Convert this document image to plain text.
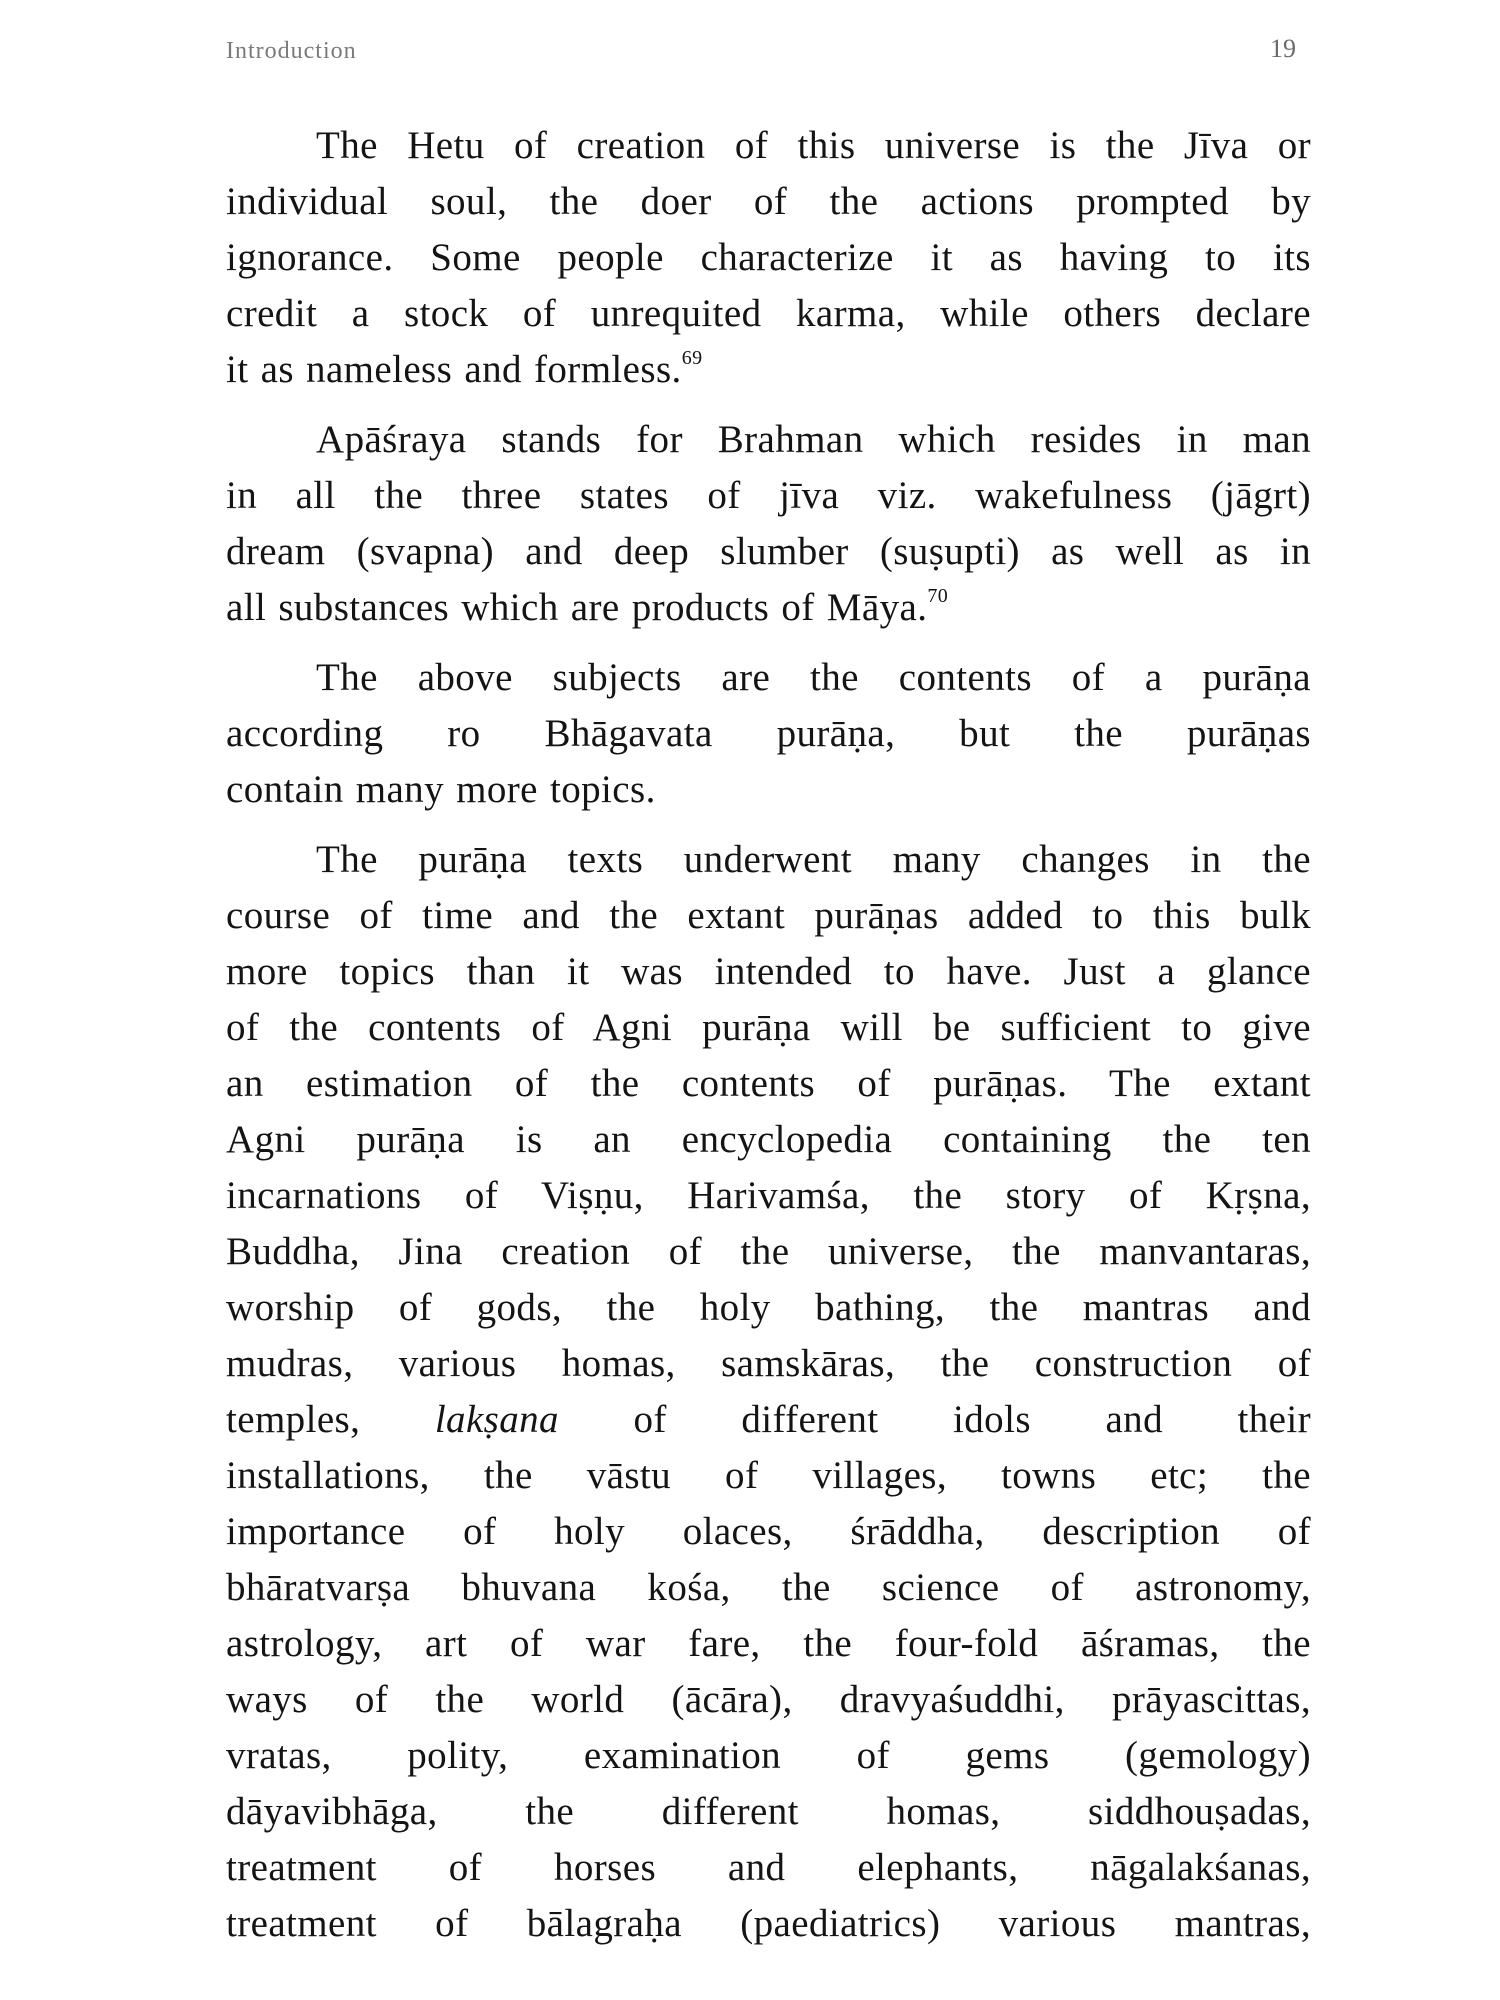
Introduction	19

The Hetu of creation of this universe is the Jīva or
individual soul, the doer of the actions prompted by
ignorance. Some people characterize it as having to its
credit a stock of unrequited karma, while others declare
it as nameless and formless.$^{69}$

Apāśraya stands for Brahman which resides in man
in all the three states of jīva viz. wakefulness (jāgrt)
dream (svapna) and deep slumber (suṣupti) as well as in
all substances which are products of Māya.$^{70}$

The above subjects are the contents of a purāṇa
according ro Bhāgavata purāṇa, but the purāṇas
contain many more topics.

The purāṇa texts underwent many changes in the
course of time and the extant purāṇas added to this bulk
more topics than it was intended to have. Just a glance
of the contents of Agni purāṇa will be sufficient to give
an estimation of the contents of purāṇas. The extant
Agni purāṇa is an encyclopedia containing the ten
incarnations of Viṣṇu, Harivamśa, the story of Kṛṣna,
Buddha, Jina creation of the universe, the manvantaras,
worship of gods, the holy bathing, the mantras and
mudras, various homas, samskāras, the construction of
temples, lakṣana of different idols and their
installations, the vāstu of villages, towns etc; the
importance of holy olaces, śrāddha, description of
bhāratvarṣa bhuvana kośa, the science of astronomy,
astrology, art of war fare, the four-fold āśramas, the
ways of the world (ācāra), dravyaśuddhi, prāyascittas,
vratas, polity, examination of gems (gemology)
dāyavibhāga, the different homas, siddhouṣadas,
treatment of horses and elephants, nāgalakśanas,
treatment of bālagraḥa (paediatrics) various mantras,
